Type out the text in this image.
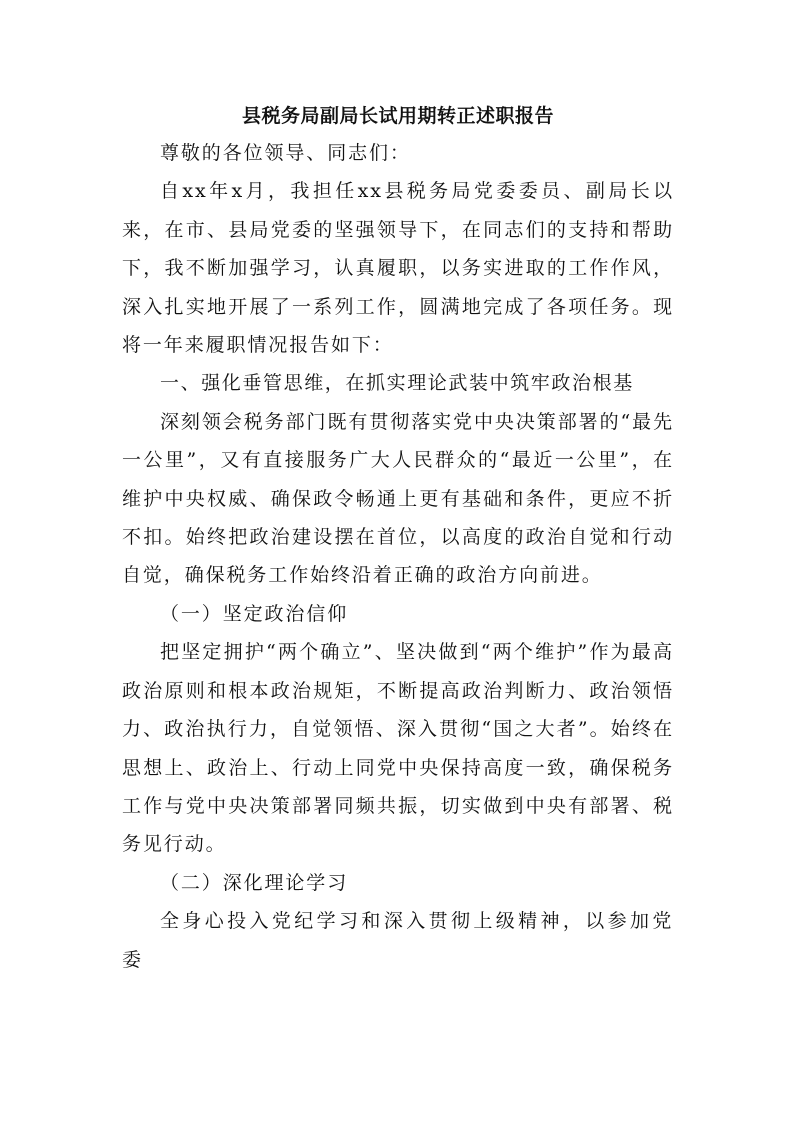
县税务局副局长试用期转正述职报告

尊敬的各位领导、同志们：

自xx年x月，我担任xx县税务局党委委员、副局长以来，在市、县局党委的坚强领导下，在同志们的支持和帮助下，我不断加强学习，认真履职，以务实进取的工作作风，深入扎实地开展了一系列工作，圆满地完成了各项任务。现将一年来履职情况报告如下：

一、强化垂管思维，在抓实理论武装中筑牢政治根基

深刻领会税务部门既有贯彻落实党中央决策部署的“最先一公里”，又有直接服务广大人民群众的“最近一公里”，在维护中央权威、确保政令畅通上更有基础和条件，更应不折不扣。始终把政治建设摆在首位，以高度的政治自觉和行动自觉，确保税务工作始终沿着正确的政治方向前进。

（一）坚定政治信仰

把坚定拥护“两个确立”、坚决做到“两个维护”作为最高政治原则和根本政治规矩，不断提高政治判断力、政治领悟力、政治执行力，自觉领悟、深入贯彻“国之大者”。始终在思想上、政治上、行动上同党中央保持高度一致，确保税务工作与党中央决策部署同频共振，切实做到中央有部署、税务见行动。

（二）深化理论学习

全身心投入党纪学习和深入贯彻上级精神，以参加党委
